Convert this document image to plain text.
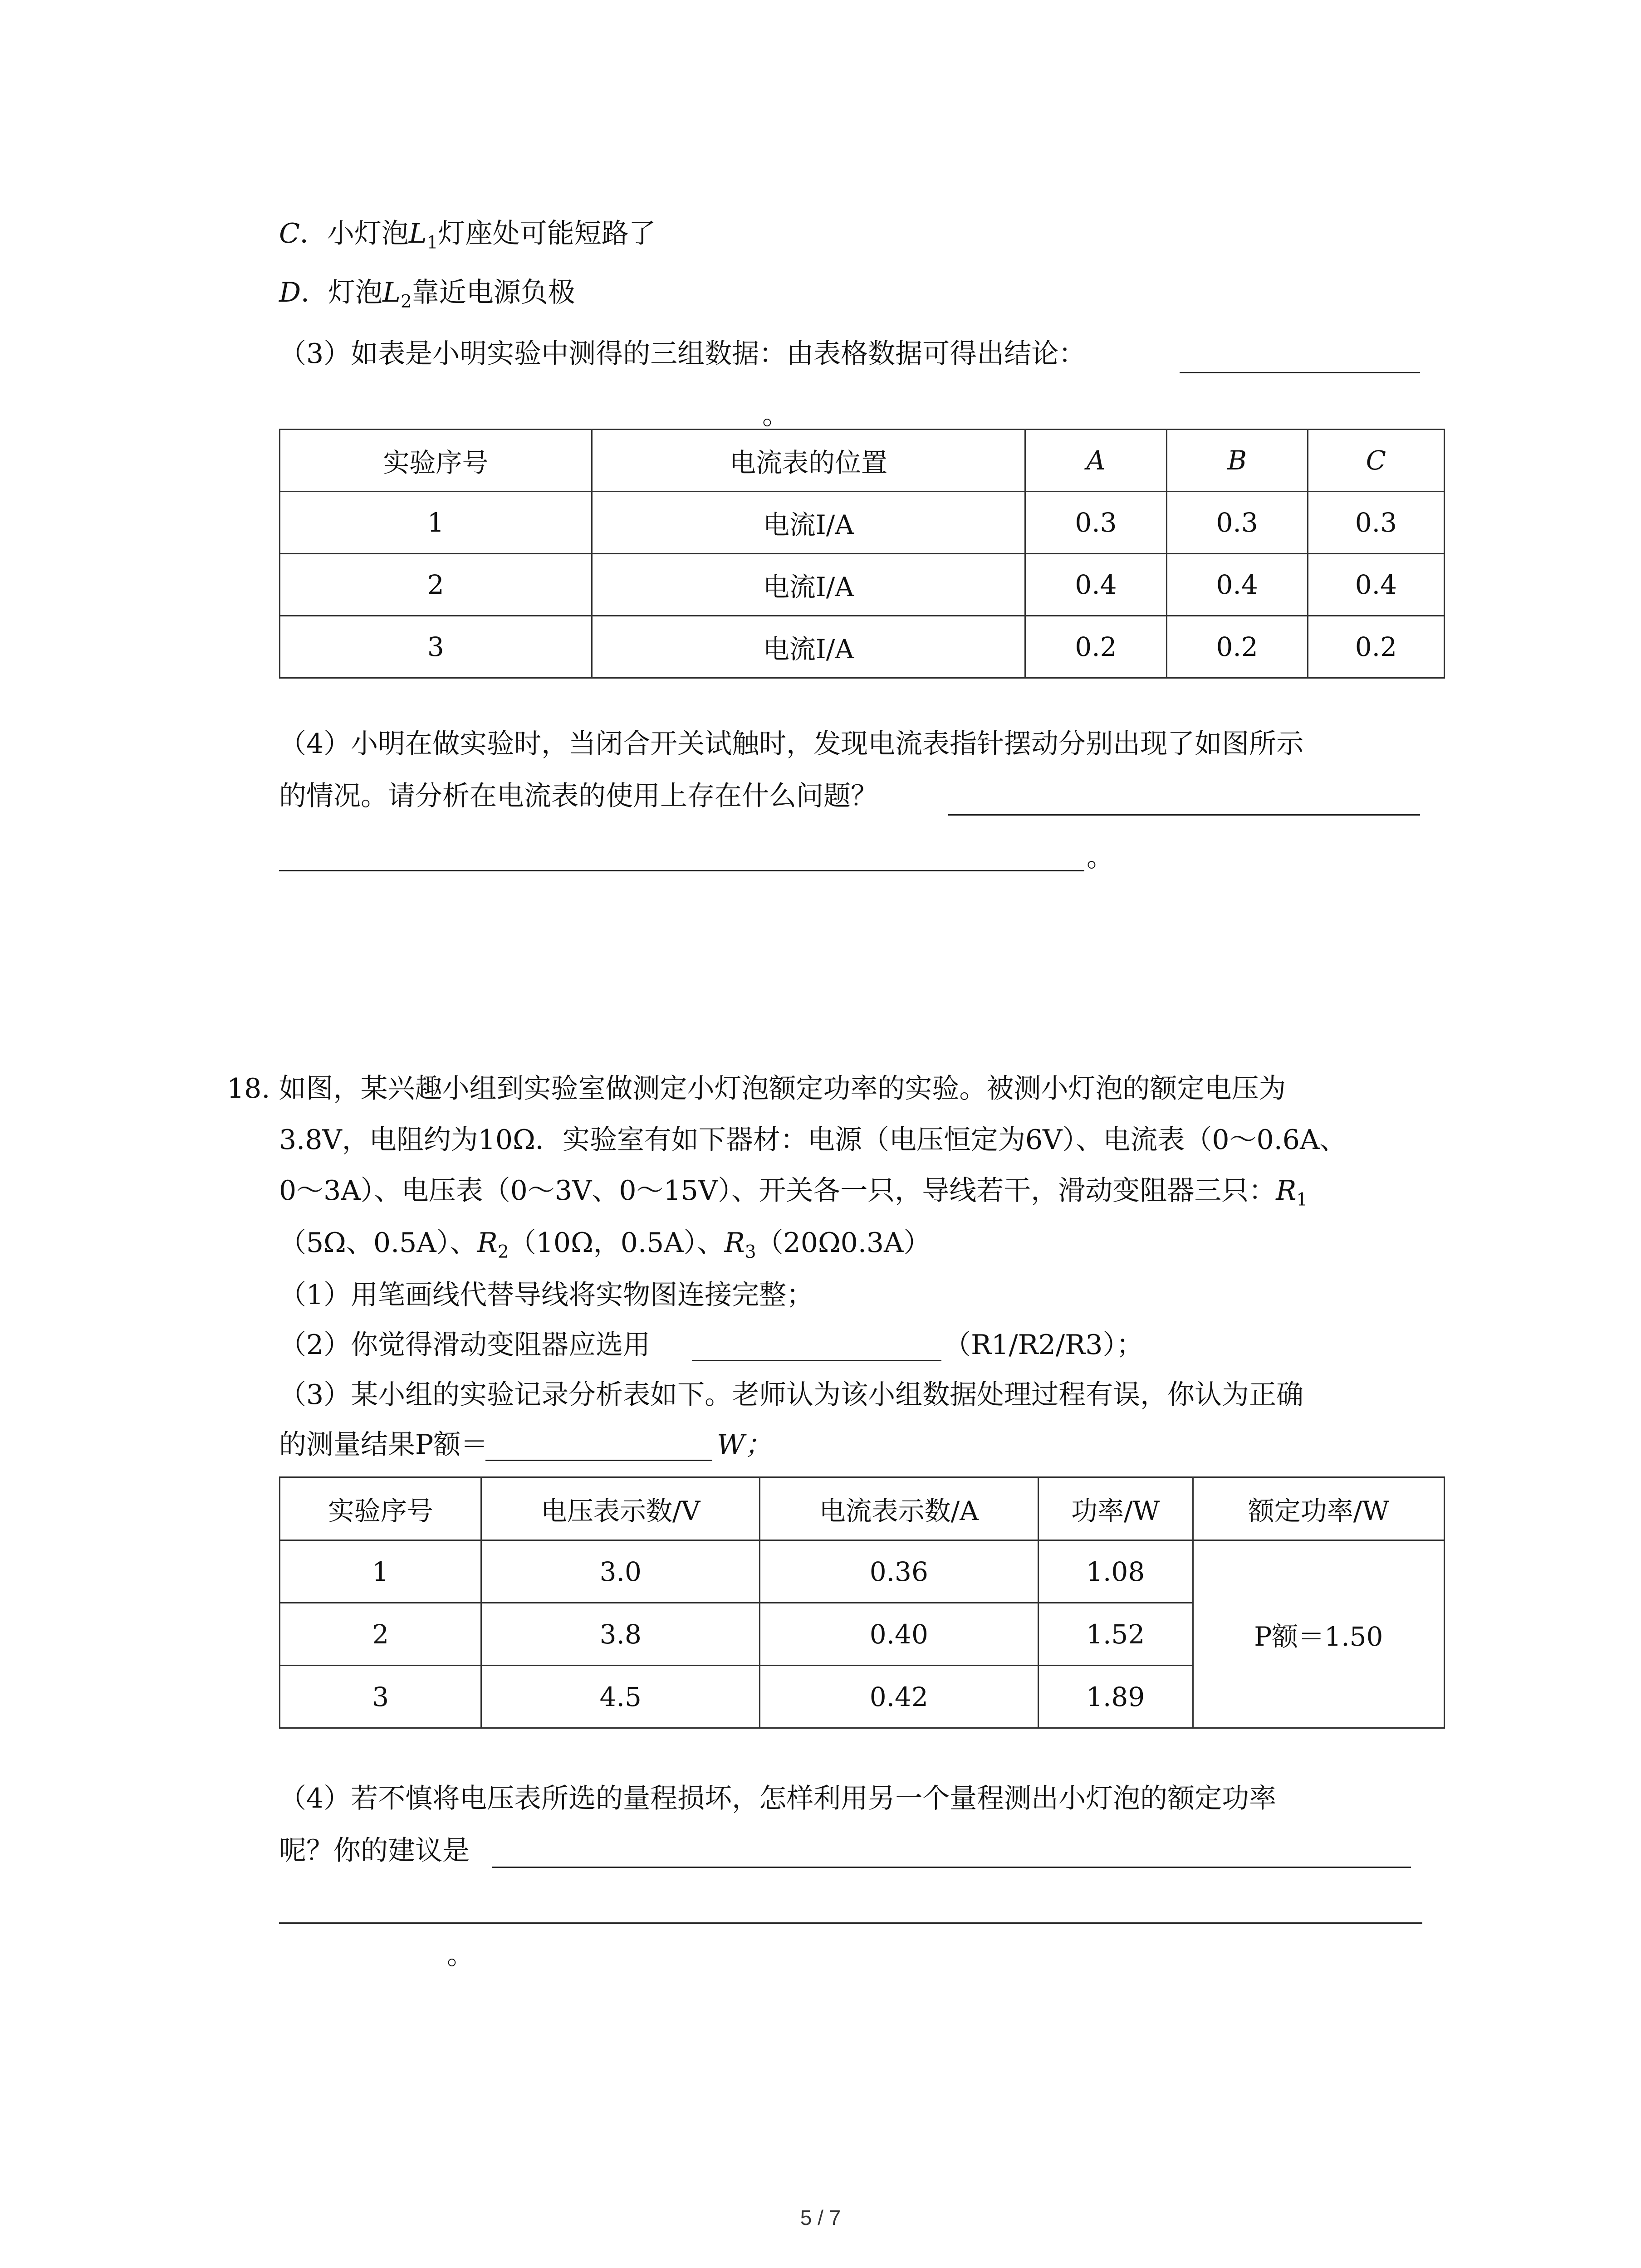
C．小灯泡$L_1$灯座处可能短路了
D．灯泡$L_2$靠近电源负极
（3）如表是小明实验中测得的三组数据：由表格数据可得出结论：
。
实验序号	电流表的位置	A	B	C
1	电流I/A	0.3	0.3	0.3
2	电流I/A	0.4	0.4	0.4
3	电流I/A	0.2	0.2	0.2
（4）小明在做实验时，当闭合开关试触时，发现电流表指针摆动分别出现了如图所示
的情况。请分析在电流表的使用上存在什么问题？
。
18. 如图，某兴趣小组到实验室做测定小灯泡额定功率的实验。被测小灯泡的额定电压为
3.8V，电阻约为10Ω．实验室有如下器材：电源（电压恒定为6V）、电流表（0～0.6A、
0～3A）、电压表（0～3V、0～15V）、开关各一只，导线若干，滑动变阻器三只：$R_1$
（5Ω、0.5A）、$R_2(10\Omega$，0.5A）、$R_3(20\Omega 0.3A)$
（1）用笔画线代替导线将实物图连接完整；
（2）你觉得滑动变阻器应选用	（R1/R2/R3）；
（3）某小组的实验记录分析表如下。老师认为该小组数据处理过程有误，你认为正确
的测量结果P额＝	W；
实验序号	电压表示数/V	电流表示数/A	功率/W	额定功率/W
1	3.0	0.36	1.08	P额＝1.50
2	3.8	0.40	1.52	
3	4.5	0.42	1.89	
（4）若不慎将电压表所选的量程损坏，怎样利用另一个量程测出小灯泡的额定功率
呢？你的建议是
。
5 / 7
